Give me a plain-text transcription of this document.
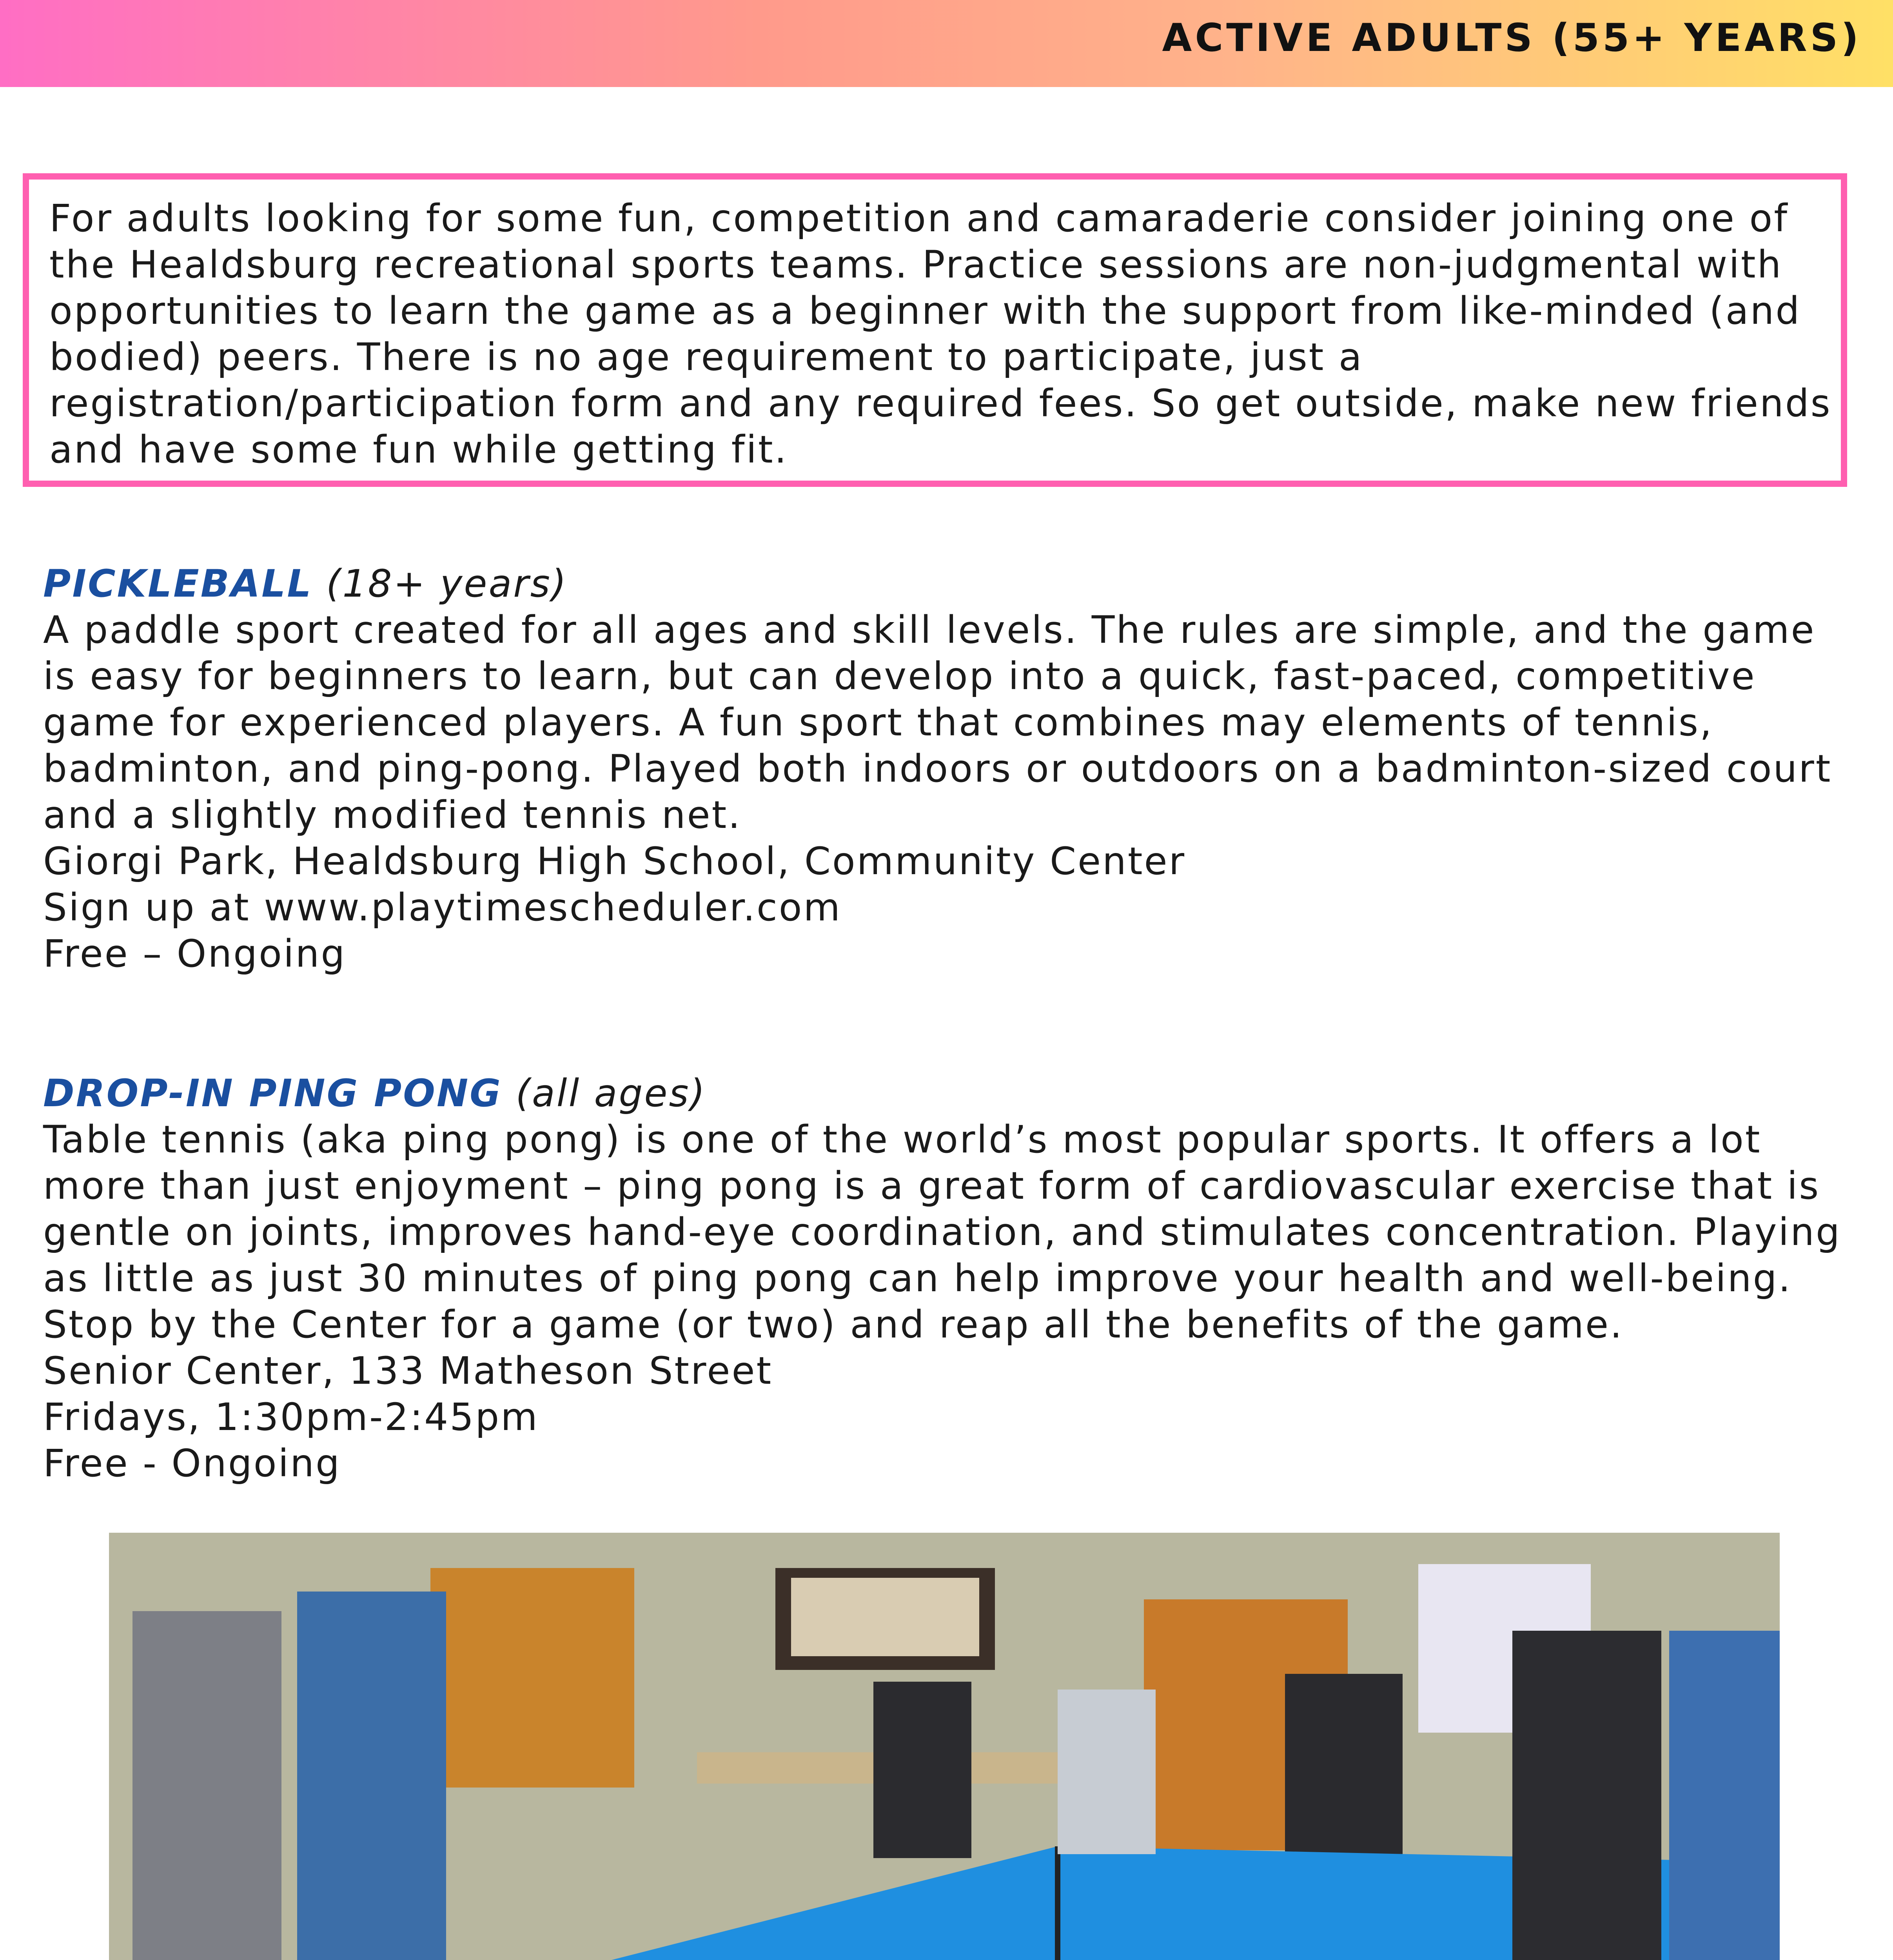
ACTIVE ADULTS (55+ YEARS)

For adults looking for some fun, competition and camaraderie consider joining one of the Healdsburg recreational sports teams. Practice sessions are non-judgmental with opportunities to learn the game as a beginner with the support from like-minded (and bodied) peers. There is no age requirement to participate, just a registration/participation form and any required fees. So get outside, make new friends and have some fun while getting fit.

PICKLEBALL (18+ years)

A paddle sport created for all ages and skill levels. The rules are simple, and the game is easy for beginners to learn, but can develop into a quick, fast-paced, competitive game for experienced players. A fun sport that combines may elements of tennis, badminton, and ping-pong. Played both indoors or outdoors on a badminton-sized court and a slightly modified tennis net.

Giorgi Park, Healdsburg High School, Community Center

Sign up at www.playtimescheduler.com

Free – Ongoing

DROP-IN PING PONG (all ages)

Table tennis (aka ping pong) is one of the world’s most popular sports. It offers a lot more than just enjoyment – ping pong is a great form of cardiovascular exercise that is gentle on joints, improves hand-eye coordination, and stimulates concentration. Playing as little as just 30 minutes of ping pong can help improve your health and well-being. Stop by the Center for a game (or two) and reap all the benefits of the game.

Senior Center, 133 Matheson Street

Fridays, 1:30pm-2:45pm

Free - Ongoing
